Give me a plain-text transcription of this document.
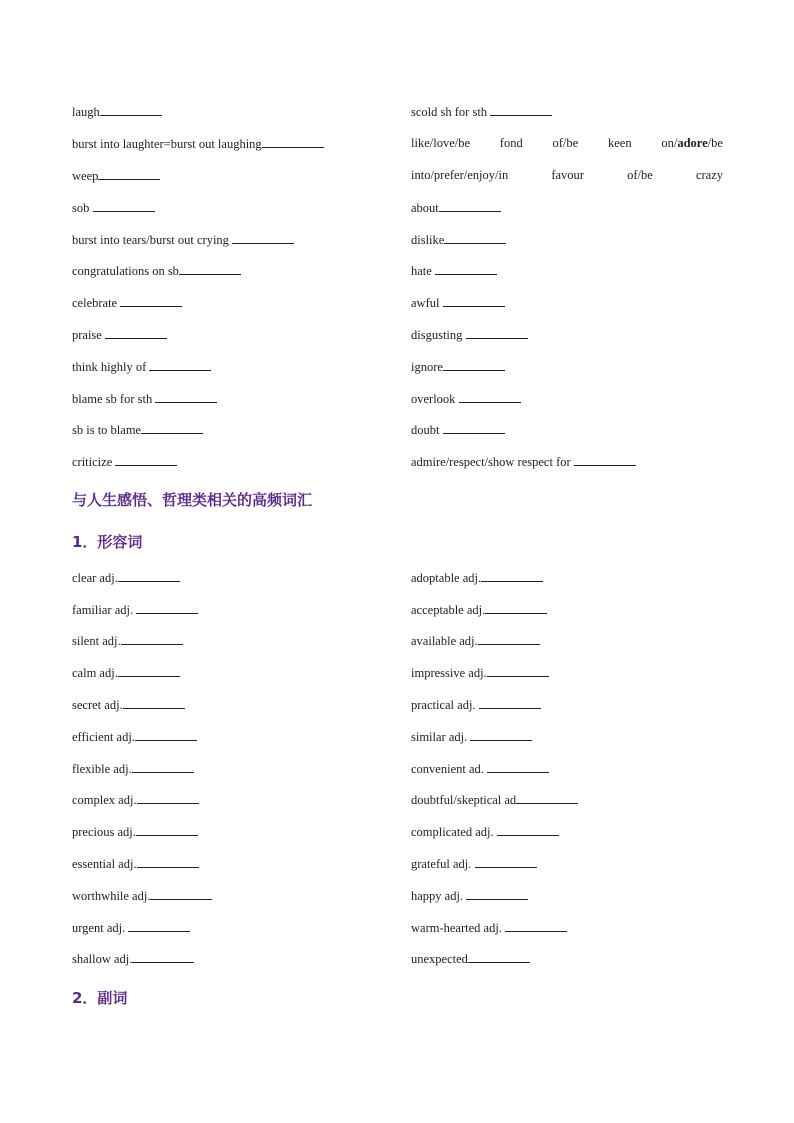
laugh
burst into laughter=burst out laughing
weep
sob
burst into tears/burst out crying
congratulations on sb
celebrate
praise
think highly of
blame sb for sth
sb is to blame
criticize
scold sh for sth
like/love/be fond of/be keen on/adore/be
into/prefer/enjoy/in	favour	of/be	crazy
about
dislike
hate
awful
disgusting
ignore
overlook
doubt
admire/respect/show respect for
与人生感悟、哲理类相关的高频词汇
1．形容词
clear adj.
familiar adj.
silent adj.
calm adj.
secret adj.
efficient adj.
flexible adj.
complex adj.
precious adj.
essential adj.
worthwhile adj.
urgent adj.
shallow adj.
adoptable adj.
acceptable adj.
available adj.
impressive adj.
practical adj.
similar adj.
convenient ad.
doubtful/skeptical ad
complicated adj.
grateful adj.
happy adj.
warm-hearted adj.
unexpected
2．副词
